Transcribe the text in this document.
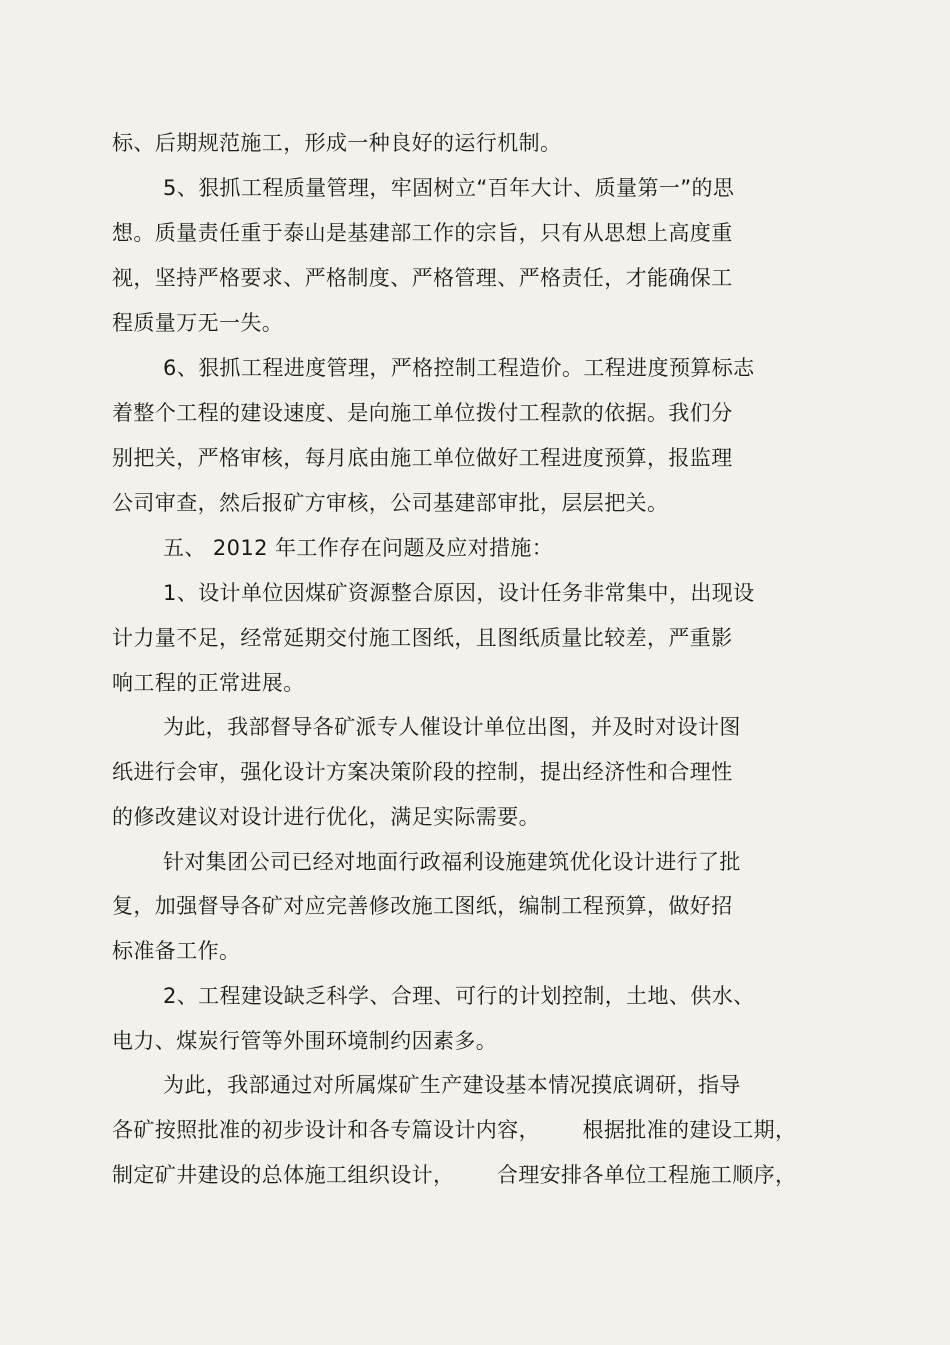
标、后期规范施工，形成一种良好的运行机制。
5、狠抓工程质量管理，牢固树立“百年大计、质量第一”的思
想。质量责任重于泰山是基建部工作的宗旨，只有从思想上高度重
视，坚持严格要求、严格制度、严格管理、严格责任，才能确保工
程质量万无一失。
6、狠抓工程进度管理，严格控制工程造价。工程进度预算标志
着整个工程的建设速度、是向施工单位拨付工程款的依据。我们分
别把关，严格审核，每月底由施工单位做好工程进度预算，报监理
公司审查，然后报矿方审核，公司基建部审批，层层把关。
五、 2012 年工作存在问题及应对措施：
1、设计单位因煤矿资源整合原因，设计任务非常集中，出现设
计力量不足，经常延期交付施工图纸，且图纸质量比较差，严重影
响工程的正常进展。
为此，我部督导各矿派专人催设计单位出图，并及时对设计图
纸进行会审，强化设计方案决策阶段的控制，提出经济性和合理性
的修改建议对设计进行优化，满足实际需要。
针对集团公司已经对地面行政福利设施建筑优化设计进行了批
复，加强督导各矿对应完善修改施工图纸，编制工程预算，做好招
标准备工作。
2、工程建设缺乏科学、合理、可行的计划控制，土地、供水、
电力、煤炭行管等外围环境制约因素多。
为此，我部通过对所属煤矿生产建设基本情况摸底调研，指导
各矿按照批准的初步设计和各专篇设计内容，      根据批准的建设工期，
制定矿井建设的总体施工组织设计，      合理安排各单位工程施工顺序，
